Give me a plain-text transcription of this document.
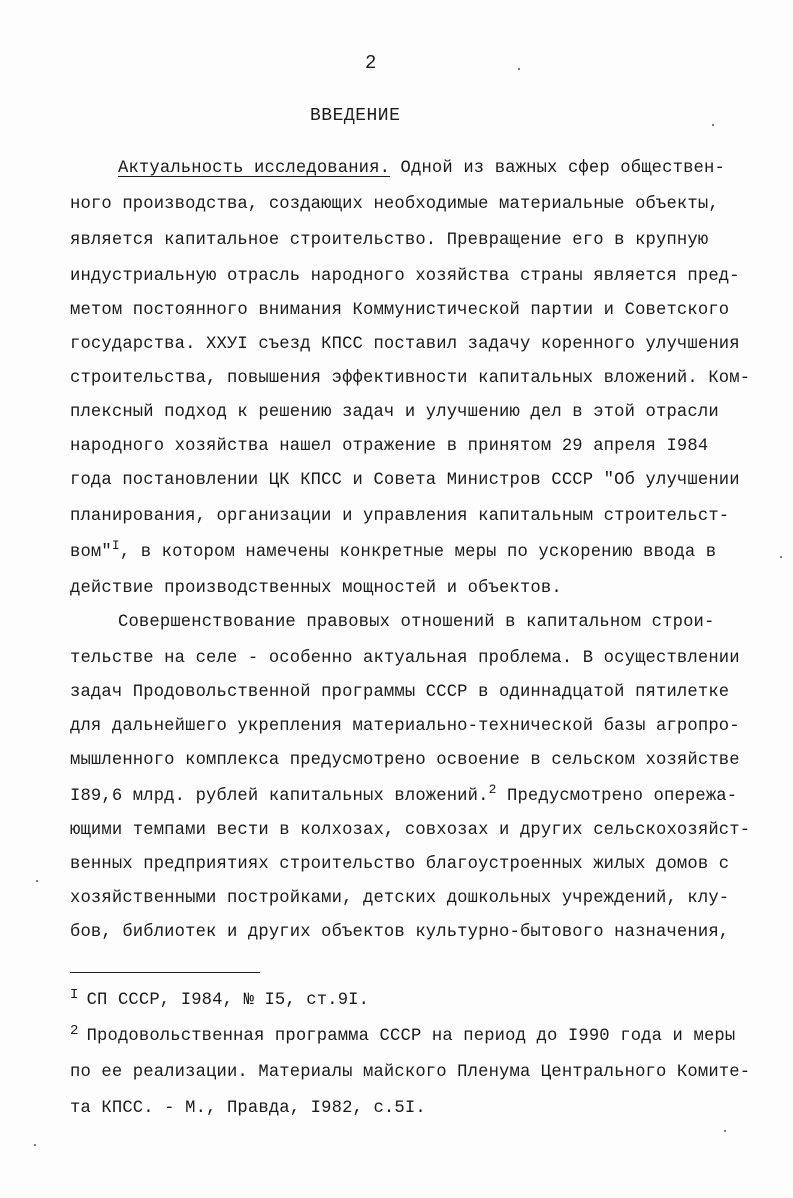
2
ВВЕДЕНИЕ
Актуальность исследования. Одной из важных сфер обществен-
ного производства, создающих необходимые материальные объекты,
является капитальное строительство. Превращение его в крупную
индустриальную отрасль народного хозяйства страны является пред-
метом постоянного внимания Коммунистической партии и Советского
государства. ХХУI съезд КПСС поставил задачу коренного улучшения
строительства, повышения эффективности капитальных вложений. Ком-
плексный подход к решению задач и улучшению дел в этой отрасли
народного хозяйства нашел отражение в принятом 29 апреля I984
года постановлении ЦК КПСС и Совета Министров СССР "Об улучшении
планирования, организации и управления капитальным строительст-
вом"$^I$, в котором намечены конкретные меры по ускорению ввода в
действие производственных мощностей и объектов.
Совершенствование правовых отношений в капитальном строи-
тельстве на селе - особенно актуальная проблема. В осуществлении
задач Продовольственной программы СССР в одиннадцатой пятилетке
для дальнейшего укрепления материально-технической базы агропро-
мышленного комплекса предусмотрено освоение в сельском хозяйстве
I89,6 млрд. рублей капитальных вложений.$^2$ Предусмотрено опережа-
ющими темпами вести в колхозах, совхозах и других сельскохозяйст-
венных предприятиях строительство благоустроенных жилых домов с
хозяйственными постройками, детских дошкольных учреждений, клу-
бов, библиотек и других объектов культурно-бытового назначения,
$^I$ СП СССР, I984, № I5, ст.9I.
$^2$ Продовольственная программа СССР на период до I990 года и меры
по ее реализации. Материалы майского Пленума Центрального Комите-
та КПСС. - М., Правда, I982, с.5I.
